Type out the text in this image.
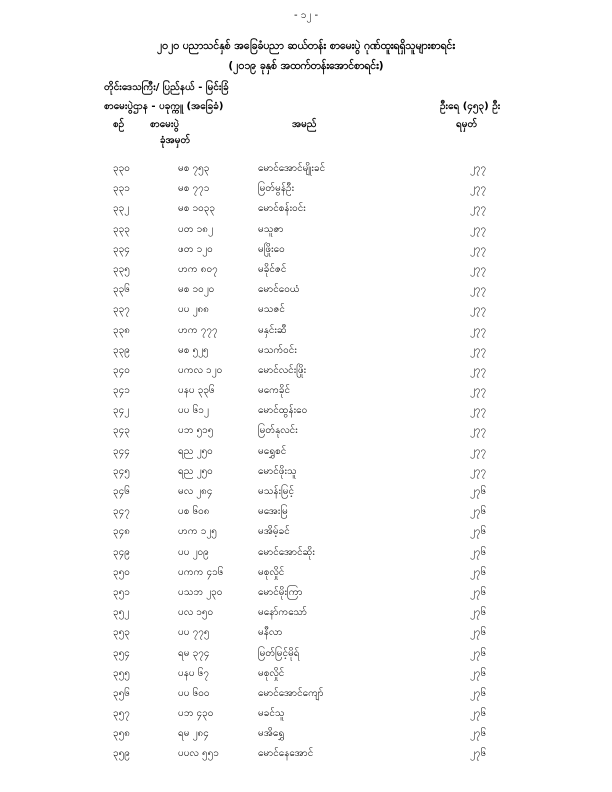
- ၁၂ -
၂၀၂၀ ပညာသင်နှစ် အခြေခံပညာ ဆယ်တန်း စာမေးပွဲ ဂုဏ်ထူးရရှိသူများစာရင်း
(၂၀၁၉ ခုနှစ် အထက်တန်းအောင်စာရင်း)
တိုင်းဒေသကြီး/ ပြည်နယ် - မြင်းခြံ
စာမေးပွဲဌာန - ပခုက္ကူ (အခြေခံ)	ဦးရေ (၄၅၃) ဦး
စဉ်	စာမေးပွဲ
ခုံအမှတ်
အမည်	ရမှတ်
၃၃၀	မစ ၇၅၃	မောင်အောင်မျိုးခင်	၂၇၇
၃၃၁	မစ ၇၇၁	မြတ်မွန်ဦး	၂၇၇
၃၃၂	မစ ၁၀၃၃	မောင်စန်းဝင်း	၂၇၇
၃၃၃	ပတ ၁၈၂	မသူဇာ	၂၇၇
၃၃၄	ဖတ ၁၂၀	မဖြိုးဝေ	၂၇၇
၃၃၅	ဟက ၈၀၇	မခိုင်ဇင်	၂၇၇
၃၃၆	မစ ၁၀၂၀	မောင်ဝေယံ	၂၇၇
၃၃၇	ပပ ၂၈၈	မသဇင်	၂၇၇
၃၃၈	ဟက ၇၇၇	မနှင်းဆီ	၂၇၇
၃၃၉	မစ ၅၂၅	မသက်ဝင်း	၂၇၇
၃၄၀	ပကလ ၁၂၀	မောင်လင်းဖြိုး	၂၇၇
၃၄၁	ပနပ ၃၃၆	မကေခိုင်	၂၇၇
၃၄၂	ပပ ၆၁၂	မောင်ထွန်းဝေ	၂၇၇
၃၄၃	ပဘ ၅၁၅	မြတ်နုလင်း	၂၇၇
၃၄၄	ရည ၂၅၀	မရွှေစင်	၂၇၇
၃၄၅	ရည ၂၅၀	မောင်ဖိုးသူ	၂၇၇
၃၄၆	မလ ၂၈၄	မသန်းမြင့်	၂၇၆
၃၄၇	ပစ ၆၀၈	မအေးမြ	၂၇၆
၃၄၈	ဟက ၁၂၅	မအိမ့်ခင်	၂၇၆
၃၄၉	ပပ ၂၀၉	မောင်အောင်ဆိုး	၂၇၆
၃၅၀	ပကက ၄၁၆	မစုလှိုင်	၂၇၆
၃၅၁	ပသဘ ၂၃၀	မောင်မိုးကြာ	၂၇၆
၃၅၂	ပလ ၁၅၀	မနော်ကသော်	၂၇၆
၃၅၃	ပပ ၇၇၅	မနီလာ	၂၇၆
၃၅၄	ရမ ၃၇၄	မြတ်မြင့်မိုရ်	၂၇၆
၃၅၅	ပနပ ၆၇	မစုလှိုင်	၂၇၆
၃၅၆	ပပ ၆၀၀	မောင်အောင်ကျော်	၂၇၆
၃၅၇	ပဘ ၄၃၀	မခင်သူ	၂၇၆
၃၅၈	ရမ ၂၈၄	မအိရွှေ	၂၇၆
၃၅၉	ပပလ ၅၅၁	မောင်နေအောင်	၂၇၆
